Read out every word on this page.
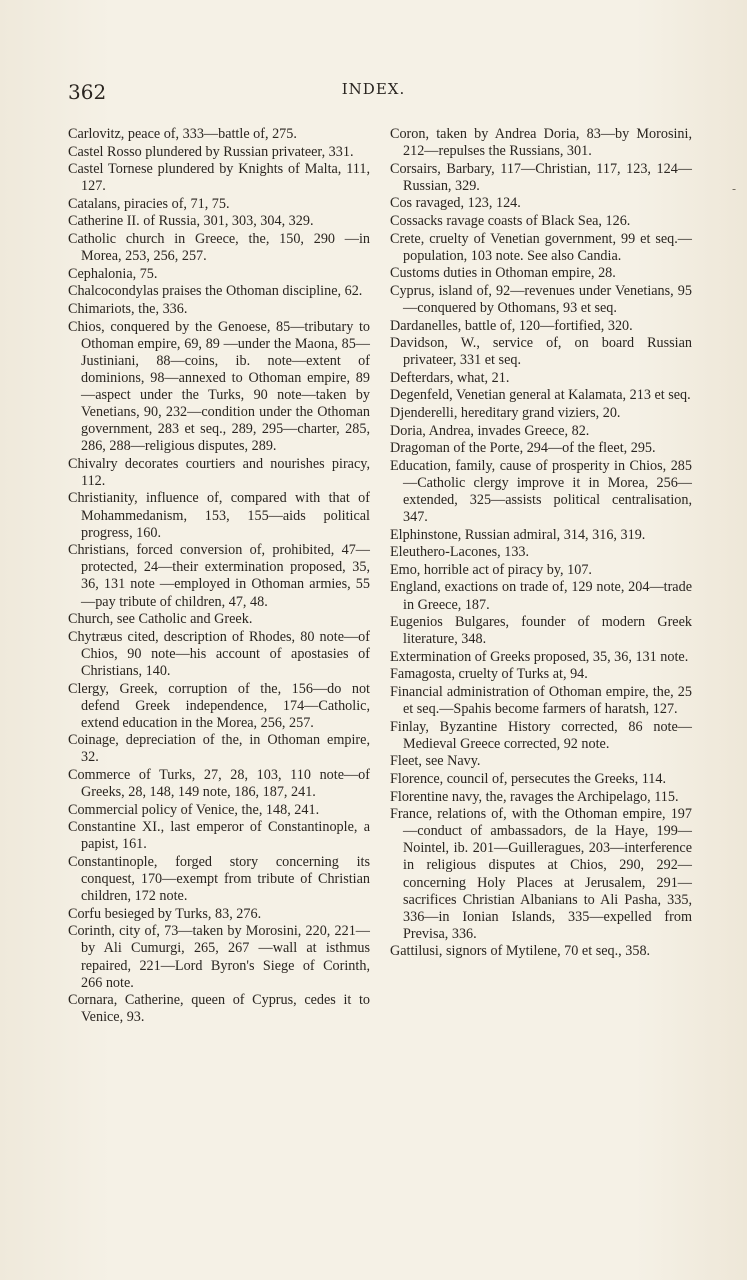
362	INDEX.

Carlovitz, peace of, 333—battle of, 275.

Castel Rosso plundered by Russian privateer, 331.

Castel Tornese plundered by Knights of Malta, 111, 127.

Catalans, piracies of, 71, 75.

Catherine II. of Russia, 301, 303, 304, 329.

Catholic church in Greece, the, 150, 290 —in Morea, 253, 256, 257.

Cephalonia, 75.

Chalcocondylas praises the Othoman discipline, 62.

Chimariots, the, 336.

Chios, conquered by the Genoese, 85—tributary to Othoman empire, 69, 89 —under the Maona, 85—Justiniani, 88—coins, ib. note—extent of dominions, 98—annexed to Othoman empire, 89—aspect under the Turks, 90 note—taken by Venetians, 90, 232—condition under the Othoman government, 283 et seq., 289, 295—charter, 285, 286, 288—religious disputes, 289.

Chivalry decorates courtiers and nourishes piracy, 112.

Christianity, influence of, compared with that of Mohammedanism, 153, 155—aids political progress, 160.

Christians, forced conversion of, prohibited, 47—protected, 24—their extermination proposed, 35, 36, 131 note —employed in Othoman armies, 55—pay tribute of children, 47, 48.

Church, see Catholic and Greek.

Chytræus cited, description of Rhodes, 80 note—of Chios, 90 note—his account of apostasies of Christians, 140.

Clergy, Greek, corruption of the, 156—do not defend Greek independence, 174—Catholic, extend education in the Morea, 256, 257.

Coinage, depreciation of the, in Othoman empire, 32.

Commerce of Turks, 27, 28, 103, 110 note—of Greeks, 28, 148, 149 note, 186, 187, 241.

Commercial policy of Venice, the, 148, 241.

Constantine XI., last emperor of Constantinople, a papist, 161.

Constantinople, forged story concerning its conquest, 170—exempt from tribute of Christian children, 172 note.

Corfu besieged by Turks, 83, 276.

Corinth, city of, 73—taken by Morosini, 220, 221—by Ali Cumurgi, 265, 267 —wall at isthmus repaired, 221—Lord Byron's Siege of Corinth, 266 note.

Cornara, Catherine, queen of Cyprus, cedes it to Venice, 93.

Coron, taken by Andrea Doria, 83—by Morosini, 212—repulses the Russians, 301.

Corsairs, Barbary, 117—Christian, 117, 123, 124—Russian, 329.

Cos ravaged, 123, 124.

Cossacks ravage coasts of Black Sea, 126.

Crete, cruelty of Venetian government, 99 et seq.—population, 103 note. See also Candia.

Customs duties in Othoman empire, 28.

Cyprus, island of, 92—revenues under Venetians, 95—conquered by Othomans, 93 et seq.

Dardanelles, battle of, 120—fortified, 320.

Davidson, W., service of, on board Russian privateer, 331 et seq.

Defterdars, what, 21.

Degenfeld, Venetian general at Kalamata, 213 et seq.

Djenderelli, hereditary grand viziers, 20.

Doria, Andrea, invades Greece, 82.

Dragoman of the Porte, 294—of the fleet, 295.

Education, family, cause of prosperity in Chios, 285—Catholic clergy improve it in Morea, 256—extended, 325—assists political centralisation, 347.

Elphinstone, Russian admiral, 314, 316, 319.

Eleuthero-Lacones, 133.

Emo, horrible act of piracy by, 107.

England, exactions on trade of, 129 note, 204—trade in Greece, 187.

Eugenios Bulgares, founder of modern Greek literature, 348.

Extermination of Greeks proposed, 35, 36, 131 note.

Famagosta, cruelty of Turks at, 94.

Financial administration of Othoman empire, the, 25 et seq.—Spahis become farmers of haratsh, 127.

Finlay, Byzantine History corrected, 86 note—Medieval Greece corrected, 92 note.

Fleet, see Navy.

Florence, council of, persecutes the Greeks, 114.

Florentine navy, the, ravages the Archipelago, 115.

France, relations of, with the Othoman empire, 197—conduct of ambassadors, de la Haye, 199—Nointel, ib. 201—Guilleragues, 203—interference in religious disputes at Chios, 290, 292—concerning Holy Places at Jerusalem, 291—sacrifices Christian Albanians to Ali Pasha, 335, 336—in Ionian Islands, 335—expelled from Previsa, 336.

Gattilusi, signors of Mytilene, 70 et seq., 358.

-
